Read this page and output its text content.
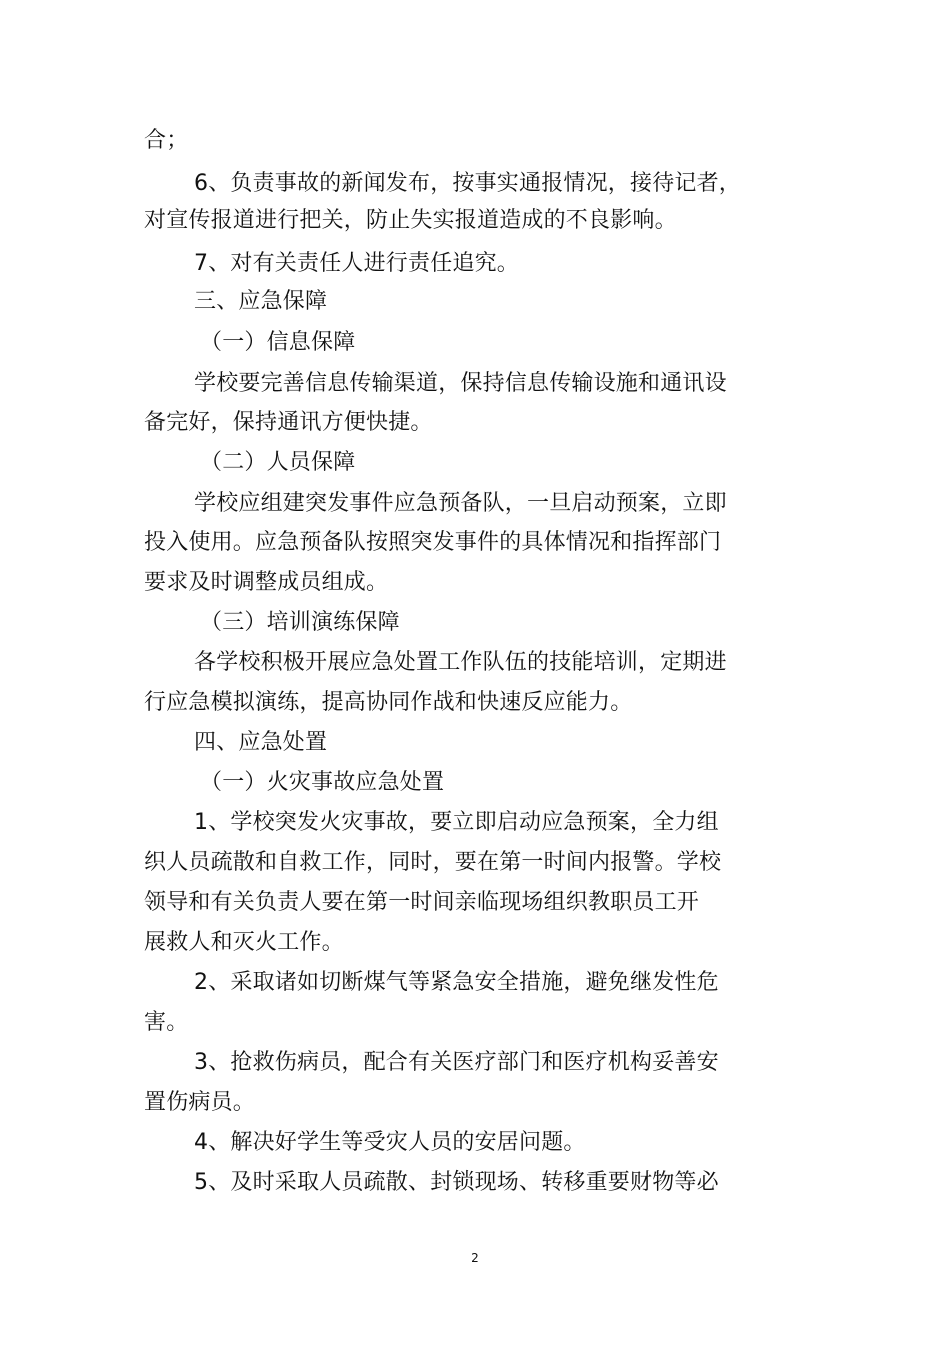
合；
6、负责事故的新闻发布，按事实通报情况，接待记者，
对宣传报道进行把关，防止失实报道造成的不良影响。
7、对有关责任人进行责任追究。
三、应急保障
（一）信息保障
学校要完善信息传输渠道，保持信息传输设施和通讯设
备完好，保持通讯方便快捷。
（二）人员保障
学校应组建突发事件应急预备队，一旦启动预案，立即
投入使用。应急预备队按照突发事件的具体情况和指挥部门
要求及时调整成员组成。
（三）培训演练保障
各学校积极开展应急处置工作队伍的技能培训，定期进
行应急模拟演练，提高协同作战和快速反应能力。
四、应急处置
（一）火灾事故应急处置
1、学校突发火灾事故，要立即启动应急预案，全力组
织人员疏散和自救工作，同时，要在第一时间内报警。学校
领导和有关负责人要在第一时间亲临现场组织教职员工开
展救人和灭火工作。
2、采取诸如切断煤气等紧急安全措施，避免继发性危
害。
3、抢救伤病员，配合有关医疗部门和医疗机构妥善安
置伤病员。
4、解决好学生等受灾人员的安居问题。
5、及时采取人员疏散、封锁现场、转移重要财物等必
2
